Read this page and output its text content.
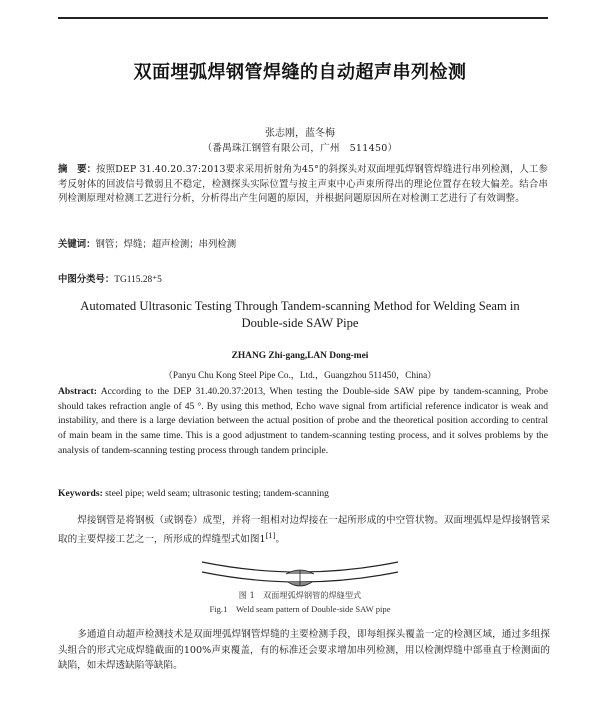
双面埋弧焊钢管焊缝的自动超声串列检测
张志刚，蓝冬梅
（番禺珠江钢管有限公司，广州　511450）
摘　要：按照DEP 31.40.20.37:2013要求采用折射角为45°的斜探头对双面埋弧焊钢管焊缝进行串列检测，人工参考反射体的回波信号微弱且不稳定，检测探头实际位置与按主声束中心声束所得出的理论位置存在较大偏差。结合串列检测原理对检测工艺进行分析，分析得出产生问题的原因，并根据问题原因所在对检测工艺进行了有效调整。
关键词：钢管；焊缝；超声检测；串列检测
中图分类号：TG115.28⁺5
Automated Ultrasonic Testing Through Tandem-scanning Method for Welding Seam in Double-side SAW Pipe
ZHANG Zhi-gang,LAN Dong-mei
（Panyu Chu Kong Steel Pipe Co.，Ltd.，Guangzhou 511450，China）
Abstract: According to the DEP 31.40.20.37:2013, When testing the Double-side SAW pipe by tandem-scanning, Probe should takes refraction angle of 45 °. By using this method, Echo wave signal from artificial reference indicator is weak and instability, and there is a large deviation between the actual position of probe and the theoretical position according to central of main beam in the same time. This is a good adjustment to tandem-scanning testing process, and it solves problems by the analysis of tandem-scanning testing process through tandem principle.
Keywords: steel pipe; weld seam; ultrasonic testing; tandem-scanning
焊接钢管是将钢板（或钢卷）成型，并将一组相对边焊接在一起所形成的中空管状物。双面埋弧焊是焊接钢管采取的主要焊接工艺之一，所形成的焊缝型式如图1[1]。
图 1　双面埋弧焊钢管的焊缝型式
Fig.1　Weld seam pattern of Double-side SAW pipe
多通道自动超声检测技术是双面埋弧焊钢管焊缝的主要检测手段，即每组探头覆盖一定的检测区域，通过多组探头组合的形式完成焊缝截面的100%声束覆盖，有的标准还会要求增加串列检测，用以检测焊缝中部垂直于检测面的缺陷，如未焊透缺陷等缺陷。
